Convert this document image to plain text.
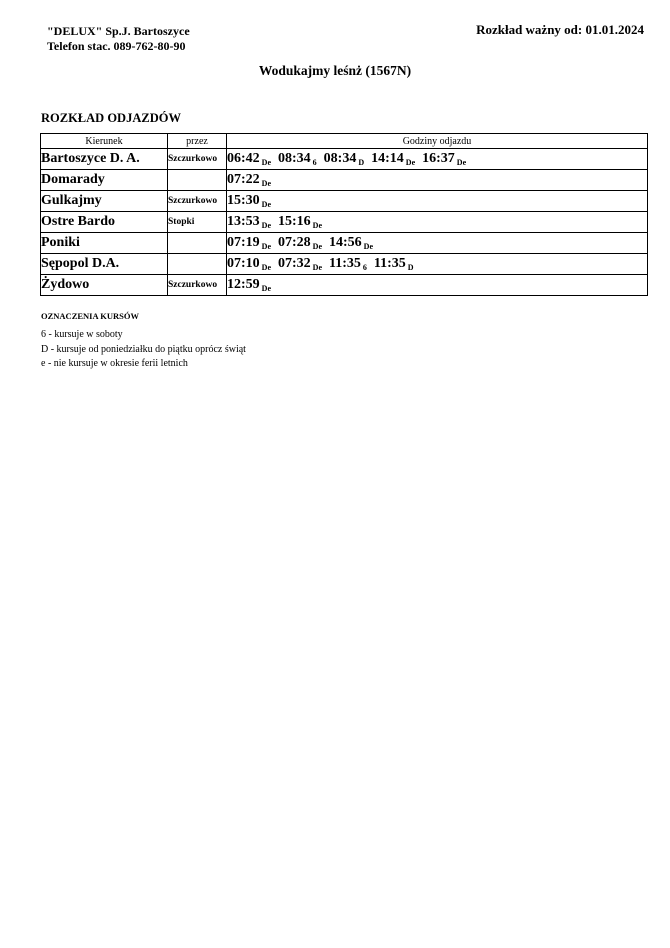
"DELUX" Sp.J. Bartoszyce
Telefon stac. 089-762-80-90
Rozkład ważny od: 01.01.2024
Wodukajmy leśnż (1567N)
ROZKŁAD ODJAZDÓW
Kierunek	przez	Godziny odjazdu
Bartoszyce D. A.	Szczurkowo	06:42 $_{De}$ 08:34 $_6$ 08:34 $_D$ 14:14 $_{De}$ 16:37 $_{De}$
Domarady		07:22 $_{De}$
Gulkajmy	Szczurkowo	15:30 $_{De}$
Ostre Bardo	Stopki	13:53 $_{De}$ 15:16 $_{De}$
Poniki		07:19 $_{De}$ 07:28 $_{De}$ 14:56 $_{De}$
Sępopol D.A.		07:10 $_{De}$ 07:32 $_{De}$ 11:35 $_6$ 11:35 $_D$
Żydowo	Szczurkowo	12:59 $_{De}$
OZNACZENIA KURSÓW
6 - kursuje w soboty
D - kursuje od poniedziałku do piątku oprócz świąt
e - nie kursuje w okresie ferii letnich
